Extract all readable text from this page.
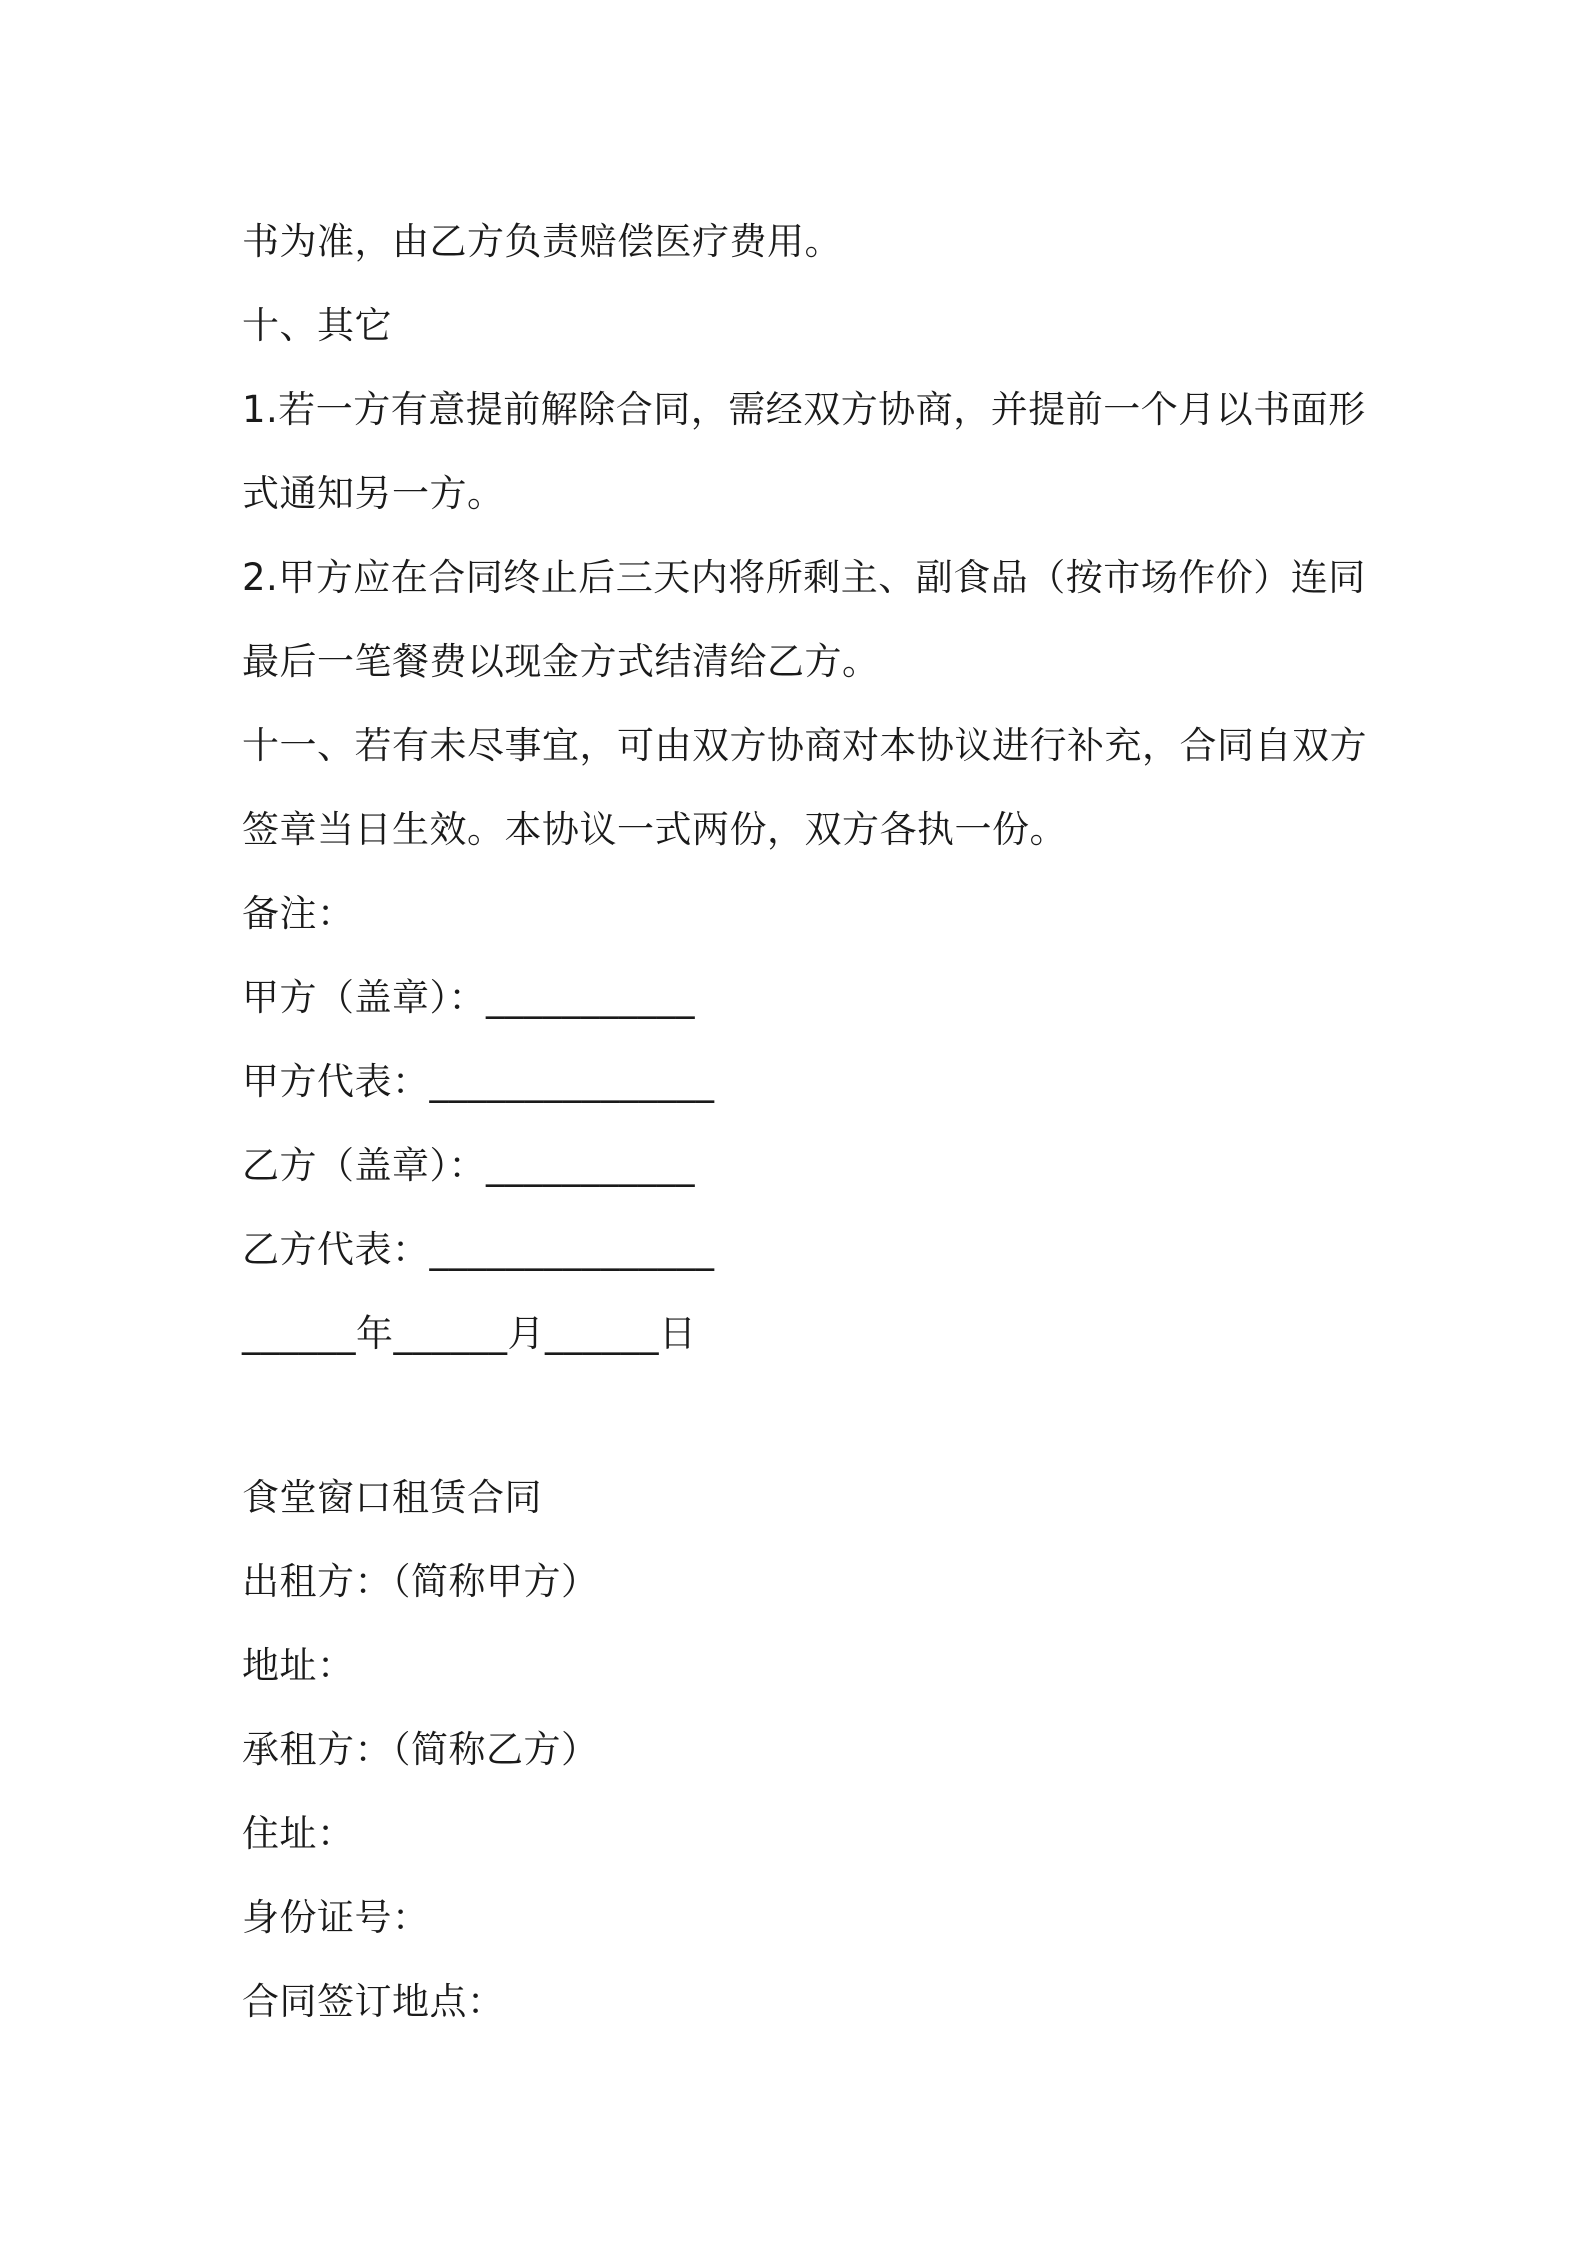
书为准，由乙方负责赔偿医疗费用。
十、其它
1.若一方有意提前解除合同，需经双方协商，并提前一个月以书面形
式通知另一方。
2.甲方应在合同终止后三天内将所剩主、副食品（按市场作价）连同
最后一笔餐费以现金方式结清给乙方。
十一、若有未尽事宜，可由双方协商对本协议进行补充，合同自双方
签章当日生效。本协议一式两份，双方各执一份。
备注：
甲方（盖章）：___________
甲方代表：_______________
乙方（盖章）：___________
乙方代表：_______________
______年______月______日
食堂窗口租赁合同
出租方：（简称甲方）
地址：
承租方：（简称乙方）
住址：
身份证号：
合同签订地点：
